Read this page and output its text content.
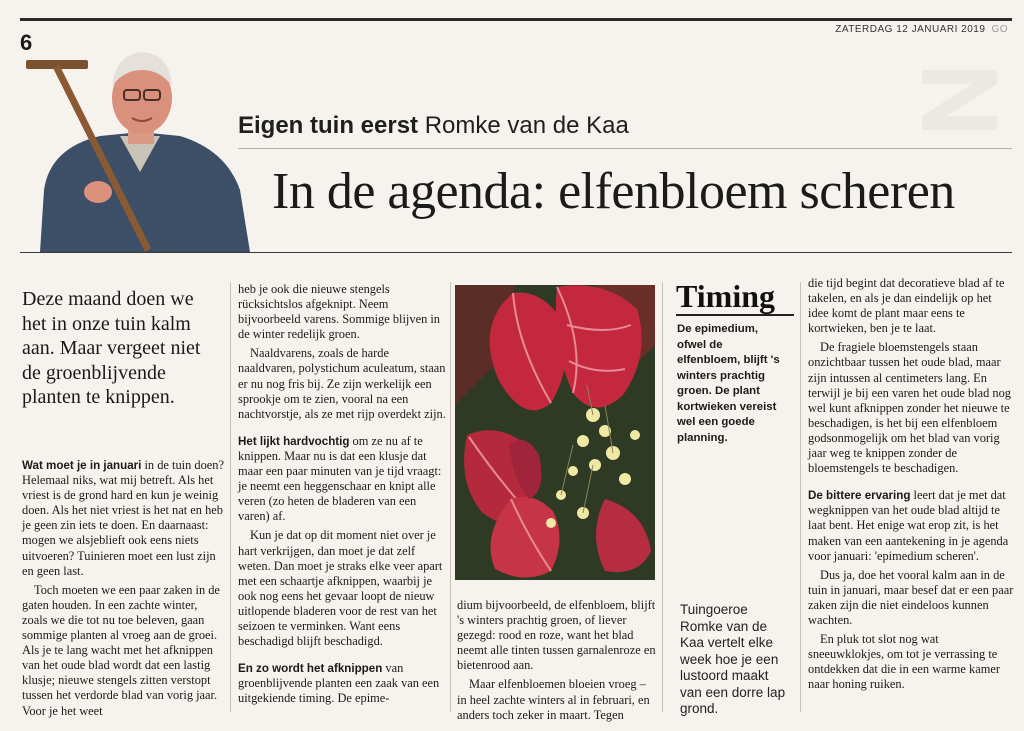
6
ZATERDAG 12 JANUARI 2019 GO
Eigen tuin eerst Romke van de Kaa
In de agenda: elfenbloem scheren

Deze maand doen we het in onze tuin kalm aan. Maar vergeet niet de groenblijvende planten te knippen.

Wat moet je in januari in de tuin doen? Helemaal niks, wat mij betreft. Als het vriest is de grond hard en kun je weinig doen. Als het niet vriest is het nat en heb je geen zin iets te doen. En daarnaast: mogen we alsjeblieft ook eens niets uitvoeren? Tuinieren moet een lust zijn en geen last.

Toch moeten we een paar zaken in de gaten houden. In een zachte winter, zoals we die tot nu toe beleven, gaan sommige planten al vroeg aan de groei. Als je te lang wacht met het afknippen van het oude blad wordt dat een lastig klusje; nieuwe stengels zitten verstopt tussen het verdorde blad van vorig jaar. Voor je het weet

heb je ook die nieuwe stengels rücksichtslos afgeknipt. Neem bijvoorbeeld varens. Sommige blijven in de winter redelijk groen.

Naaldvarens, zoals de harde naaldvaren, polystichum aculeatum, staan er nu nog fris bij. Ze zijn werkelijk een sprookje om te zien, vooral na een nachtvorstje, als ze met rijp overdekt zijn.

Het lijkt hardvochtig om ze nu af te knippen. Maar nu is dat een klusje dat maar een paar minuten van je tijd vraagt: je neemt een heggenschaar en knipt alle veren (zo heten de bladeren van een varen) af.

Kun je dat op dit moment niet over je hart verkrijgen, dan moet je dat zelf weten. Dan moet je straks elke veer apart met een schaartje afknippen, waarbij je ook nog eens het gevaar loopt de nieuw uitlopende bladeren voor de rest van het seizoen te verminken. Want eens beschadigd blijft beschadigd.

En zo wordt het afknippen van groenblijvende planten een zaak van een uitgekiende timing. De epime-

dium bijvoorbeeld, de elfenbloem, blijft 's winters prachtig groen, of liever gezegd: rood en roze, want het blad neemt alle tinten tussen garnalenroze en bietenrood aan.

Maar elfenbloemen bloeien vroeg – in heel zachte winters al in februari, en anders toch zeker in maart. Tegen

Timing

De epimedium, ofwel de elfenbloem, blijft 's winters prachtig groen. De plant kortwieken vereist wel een goede planning.

Tuingoeroe Romke van de Kaa vertelt elke week hoe je een lustoord maakt van een dorre lap grond.

die tijd begint dat decoratieve blad af te takelen, en als je dan eindelijk op het idee komt de plant maar eens te kortwieken, ben je te laat.

De fragiele bloemstengels staan onzichtbaar tussen het oude blad, maar zijn intussen al centimeters lang. En terwijl je bij een varen het oude blad nog wel kunt afknippen zonder het nieuwe te beschadigen, is het bij een elfenbloem godsonmogelijk om het blad van vorig jaar weg te knippen zonder de bloemstengels te beschadigen.

De bittere ervaring leert dat je met dat wegknippen van het oude blad altijd te laat bent. Het enige wat erop zit, is het maken van een aantekening in je agenda voor januari: 'epimedium scheren'.

Dus ja, doe het vooral kalm aan in de tuin in januari, maar besef dat er een paar zaken zijn die niet eindeloos kunnen wachten.

En pluk tot slot nog wat sneeuwklokjes, om tot je verrassing te ontdekken dat die in een warme kamer naar honing ruiken.
